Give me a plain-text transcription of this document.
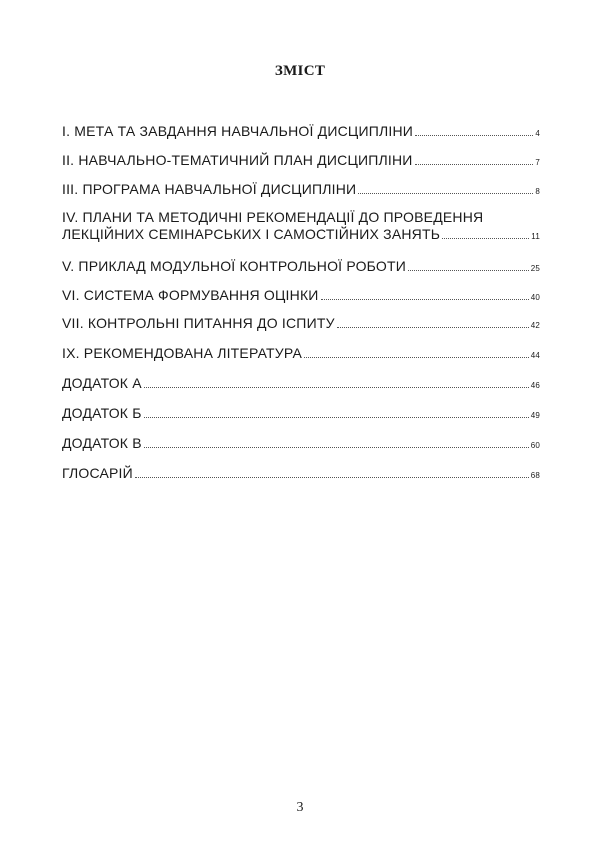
ЗМІСТ
I. МЕТА ТА ЗАВДАННЯ НАВЧАЛЬНОЇ ДИСЦИПЛІНИ	4
II. НАВЧАЛЬНО-ТЕМАТИЧНИЙ ПЛАН ДИСЦИПЛІНИ	7
III. ПРОГРАМА НАВЧАЛЬНОЇ ДИСЦИПЛІНИ	8
IV. ПЛАНИ ТА МЕТОДИЧНІ РЕКОМЕНДАЦІЇ ДО ПРОВЕДЕННЯ
ЛЕКЦІЙНИХ СЕМІНАРСЬКИХ І САМОСТІЙНИХ ЗАНЯТЬ	11
V. ПРИКЛАД МОДУЛЬНОЇ КОНТРОЛЬНОЇ РОБОТИ	25
VI. СИСТЕМА ФОРМУВАННЯ ОЦІНКИ	40
VII. КОНТРОЛЬНІ ПИТАННЯ ДО ІСПИТУ	42
IX. РЕКОМЕНДОВАНА ЛІТЕРАТУРА	44
ДОДАТОК А	46
ДОДАТОК Б	49
ДОДАТОК В	60
ГЛОСАРІЙ	68
3
